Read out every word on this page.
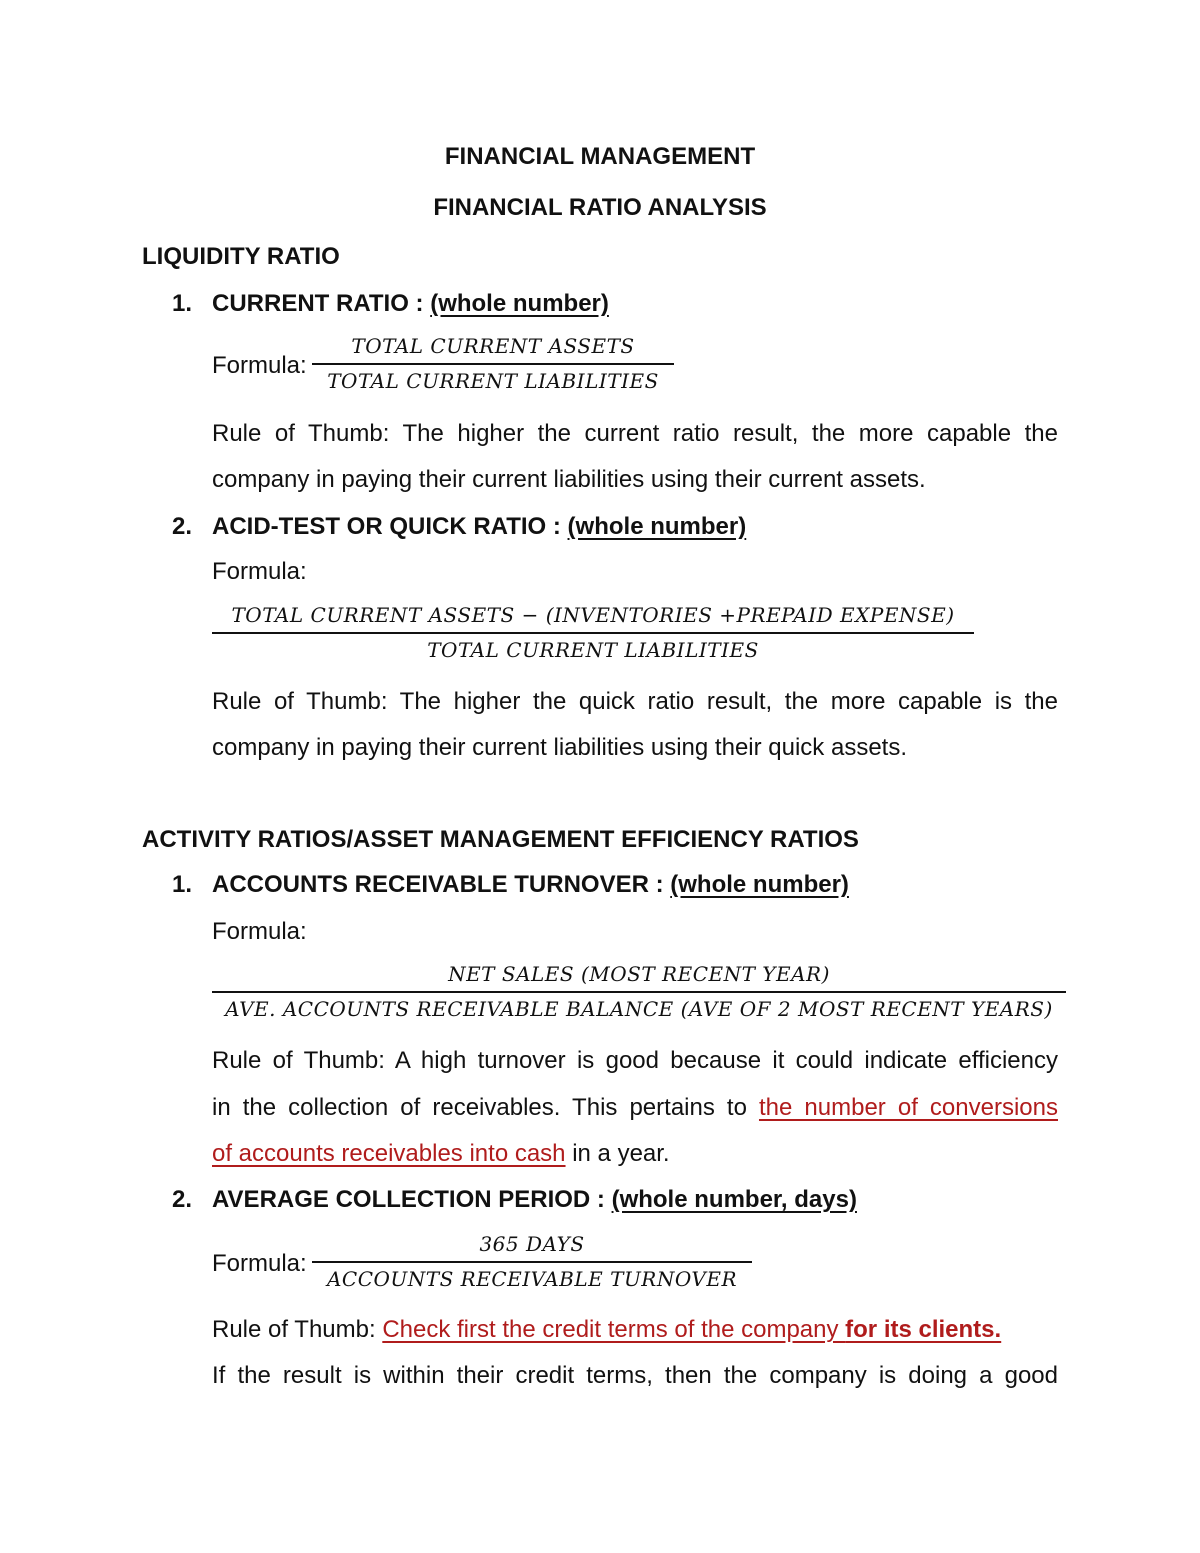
FINANCIAL MANAGEMENT
FINANCIAL RATIO ANALYSIS
LIQUIDITY RATIO
1. CURRENT RATIO : (whole number)
Formula:
TOTAL CURRENT ASSETS
TOTAL CURRENT LIABILITIES
Rule of Thumb: The higher the current ratio result, the more capable the
company in paying their current liabilities using their current assets.
2. ACID-TEST OR QUICK RATIO : (whole number)
Formula:
TOTAL CURRENT ASSETS − (INVENTORIES +PREPAID EXPENSE)
TOTAL CURRENT LIABILITIES
Rule of Thumb: The higher the quick ratio result, the more capable is the
company in paying their current liabilities using their quick assets.
ACTIVITY RATIOS/ASSET MANAGEMENT EFFICIENCY RATIOS
1. ACCOUNTS RECEIVABLE TURNOVER : (whole number)
Formula:
NET SALES (MOST RECENT YEAR)
AVE. ACCOUNTS RECEIVABLE BALANCE (AVE OF 2 MOST RECENT YEARS)
Rule of Thumb: A high turnover is good because it could indicate efficiency
in the collection of receivables. This pertains to the number of conversions
of accounts receivables into cash in a year.
2. AVERAGE COLLECTION PERIOD : (whole number, days)
Formula:
365 DAYS
ACCOUNTS RECEIVABLE TURNOVER
Rule of Thumb: Check first the credit terms of the company for its clients.
If the result is within their credit terms, then the company is doing a good
